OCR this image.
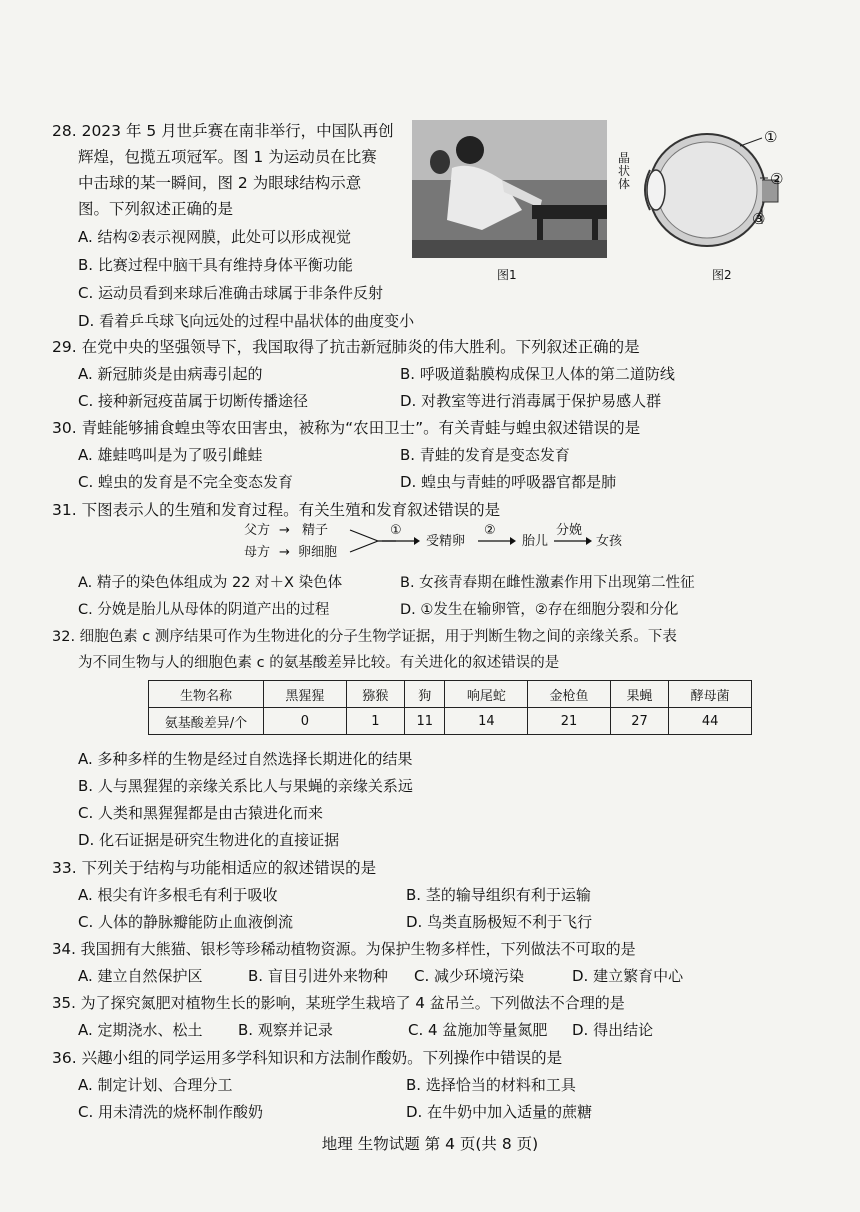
28. 2023 年 5 月世乒赛在南非举行，中国队再创
辉煌，包揽五项冠军。图 1 为运动员在比赛
中击球的某一瞬间，图 2 为眼球结构示意
图。下列叙述正确的是
A. 结构②表示视网膜，此处可以形成视觉
B. 比赛过程中脑干具有维持身体平衡功能
C. 运动员看到来球后准确击球属于非条件反射
D. 看着乒乓球飞向远处的过程中晶状体的曲度变小
图1
①
②
③
晶状体
图2
29. 在党中央的坚强领导下，我国取得了抗击新冠肺炎的伟大胜利。下列叙述正确的是
A. 新冠肺炎是由病毒引起的	B. 呼吸道黏膜构成保卫人体的第二道防线
C. 接种新冠疫苗属于切断传播途径	D. 对教室等进行消毒属于保护易感人群
30. 青蛙能够捕食蝗虫等农田害虫，被称为“农田卫士”。有关青蛙与蝗虫叙述错误的是
A. 雄蛙鸣叫是为了吸引雌蛙	B. 青蛙的发育是变态发育
C. 蝗虫的发育是不完全变态发育	D. 蝗虫与青蛙的呼吸器官都是肺
31. 下图表示人的生殖和发育过程。有关生殖和发育叙述错误的是
父方 → 精子
母方 → 卵细胞
①
受精卵
②
胎儿
分娩
女孩
A. 精子的染色体组成为 22 对＋X 染色体	B. 女孩青春期在雌性激素作用下出现第二性征
C. 分娩是胎儿从母体的阴道产出的过程	D. ①发生在输卵管，②存在细胞分裂和分化
32. 细胞色素 c 测序结果可作为生物进化的分子生物学证据，用于判断生物之间的亲缘关系。下表
为不同生物与人的细胞色素 c 的氨基酸差异比较。有关进化的叙述错误的是
生物名称	黑猩猩	猕猴	狗	响尾蛇	金枪鱼	果蝇	酵母菌
氨基酸差异/个	0	1	11	14	21	27	44
A. 多种多样的生物是经过自然选择长期进化的结果
B. 人与黑猩猩的亲缘关系比人与果蝇的亲缘关系远
C. 人类和黑猩猩都是由古猿进化而来
D. 化石证据是研究生物进化的直接证据
33. 下列关于结构与功能相适应的叙述错误的是
A. 根尖有许多根毛有利于吸收	B. 茎的输导组织有利于运输
C. 人体的静脉瓣能防止血液倒流	D. 鸟类直肠极短不利于飞行
34. 我国拥有大熊猫、银杉等珍稀动植物资源。为保护生物多样性，下列做法不可取的是
A. 建立自然保护区	B. 盲目引进外来物种 C. 减少环境污染	D. 建立繁育中心
35. 为了探究氮肥对植物生长的影响，某班学生栽培了 4 盆吊兰。下列做法不合理的是
A. 定期浇水、松土 B. 观察并记录	C. 4 盆施加等量氮肥 D. 得出结论
36. 兴趣小组的同学运用多学科知识和方法制作酸奶。下列操作中错误的是
A. 制定计划、合理分工	B. 选择恰当的材料和工具
C. 用未清洗的烧杯制作酸奶	D. 在牛奶中加入适量的蔗糖
地理 生物试题 第 4 页(共 8 页)
